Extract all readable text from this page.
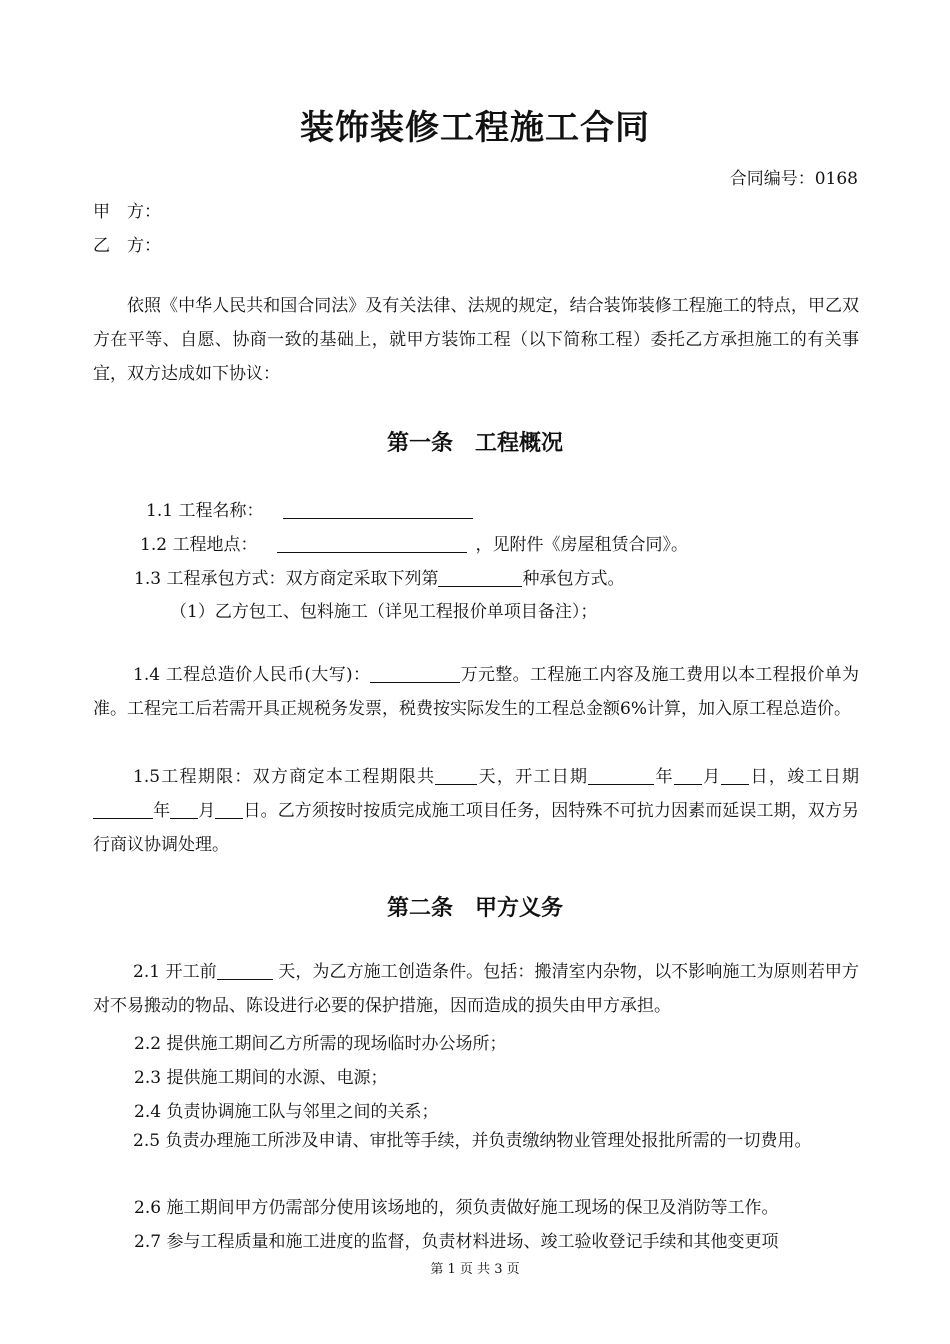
装饰装修工程施工合同
合同编号：0168
甲　方：
乙　方：
依照《中华人民共和国合同法》及有关法律、法规的规定，结合装饰装修工程施工的特点，甲乙双方在平等、自愿、协商一致的基础上，就甲方装饰工程（以下简称工程）委托乙方承担施工的有关事宜，双方达成如下协议：
第一条 工程概况
1.1 工程名称：
1.2 工程地点：	，见附件《房屋租赁合同》。
1.3 工程承包方式：双方商定采取下列第	种承包方式。
（1）乙方包工、包料施工（详见工程报价单项目备注）；
1.4 工程总造价人民币(大写)：	万元整。工程施工内容及施工费用以本工程报价单为准。工程完工后若需开具正规税务发票，税费按实际发生的工程总金额6%计算，加入原工程总造价。
1.5工程期限：双方商定本工程期限共 天，开工日期	年 月 日，竣工日期年 月 日。乙方须按时按质完成施工项目任务，因特殊不可抗力因素而延误工期，双方另行商议协调处理。
第二条 甲方义务
2.1 开工前	天，为乙方施工创造条件。包括：搬清室内杂物，以不影响施工为原则若甲方对不易搬动的物品、陈设进行必要的保护措施，因而造成的损失由甲方承担。
2.2 提供施工期间乙方所需的现场临时办公场所；
2.3 提供施工期间的水源、电源；
2.4 负责协调施工队与邻里之间的关系；
2.5 负责办理施工所涉及申请、审批等手续，并负责缴纳物业管理处报批所需的一切费用。
2.6 施工期间甲方仍需部分使用该场地的，须负责做好施工现场的保卫及消防等工作。
2.7 参与工程质量和施工进度的监督，负责材料进场、竣工验收登记手续和其他变更项
第 1 页 共 3 页
